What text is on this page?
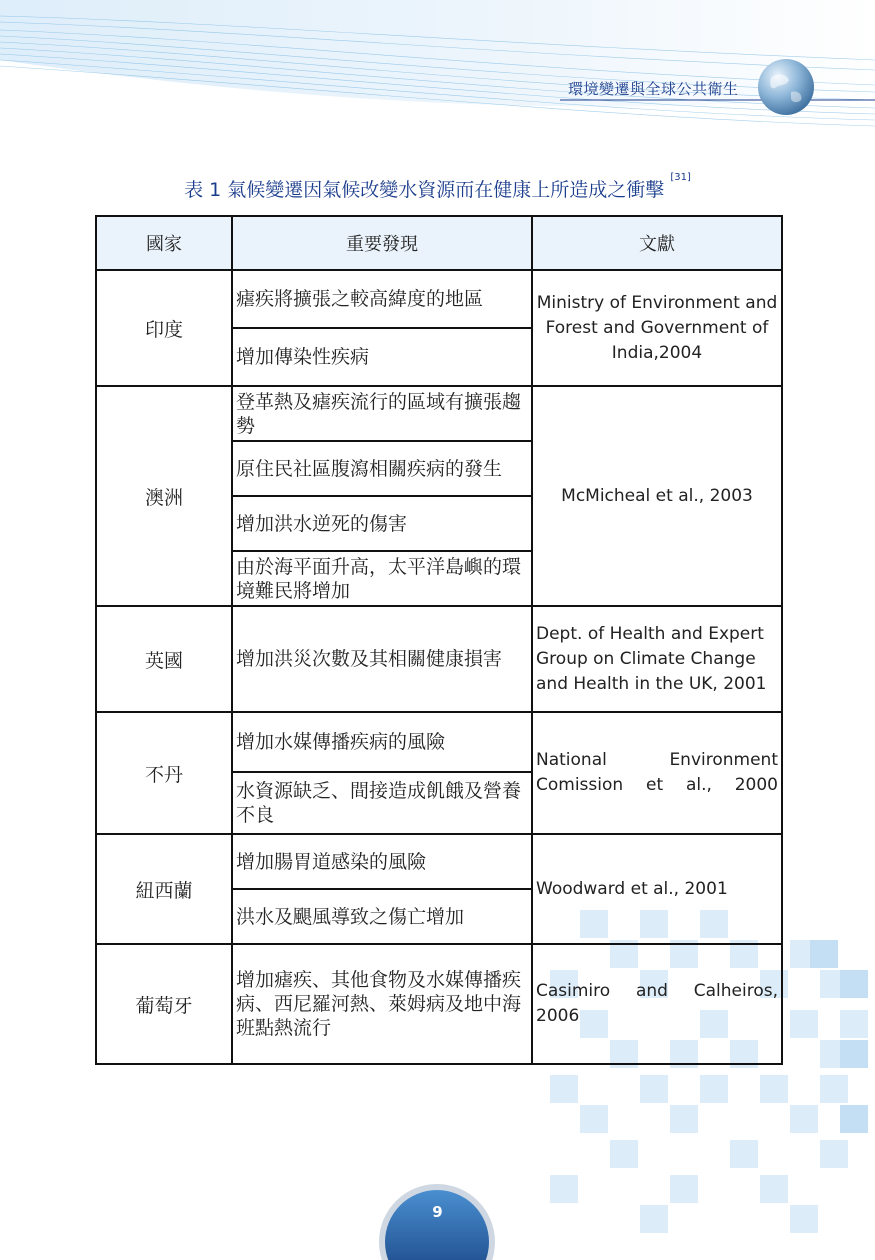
環境變遷與全球公共衛生
表 1 氣候變遷因氣候改變水資源而在健康上所造成之衝擊 [31]
國家	重要發現	文獻
印度	瘧疾將擴張之較高緯度的地區	Ministry of Environment and Forest and Government of India,2004
	增加傳染性疾病	
澳洲	登革熱及瘧疾流行的區域有擴張趨勢	McMicheal et al., 2003
	原住民社區腹瀉相關疾病的發生	
	增加洪水逆死的傷害	
	由於海平面升高，太平洋島嶼的環境難民將增加	
英國	增加洪災次數及其相關健康損害	Dept. of Health and Expert Group on Climate Change and Health in the UK, 2001
不丹	增加水媒傳播疾病的風險	National Environment Comission et al., 2000
	水資源缺乏、間接造成飢餓及營養不良	
紐西蘭	增加腸胃道感染的風險	Woodward et al., 2001
	洪水及颶風導致之傷亡增加	
葡萄牙	增加瘧疾、其他食物及水媒傳播疾病、西尼羅河熱、萊姆病及地中海班點熱流行	Casimiro and Calheiros, 2006
9
